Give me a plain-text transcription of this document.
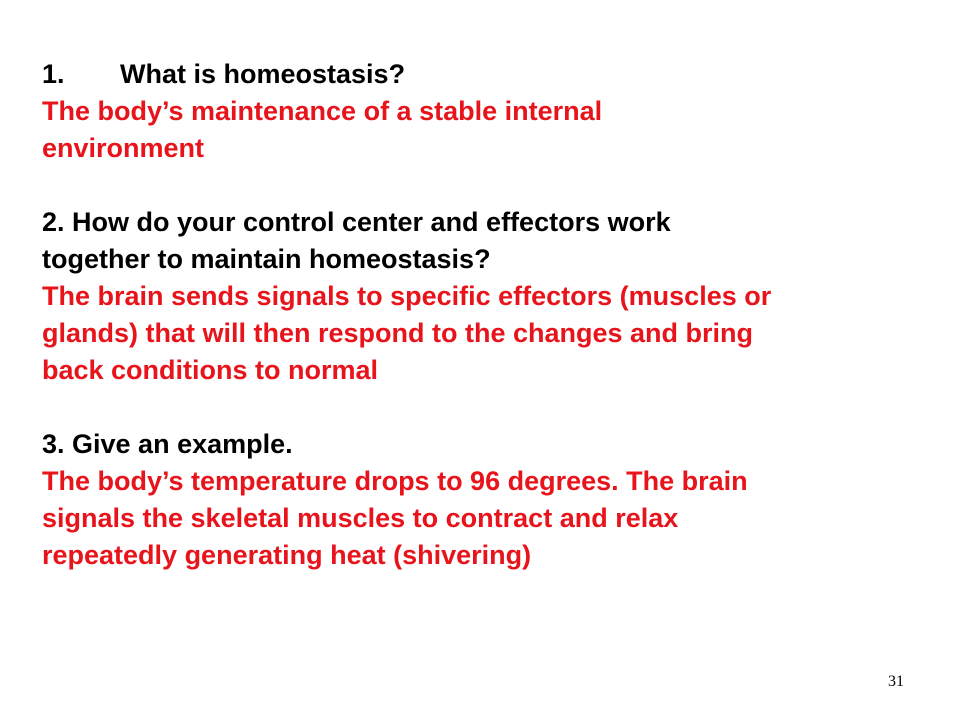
1.	What is homeostasis?
The body’s maintenance of a stable internal
environment
2. How do your control center and effectors work
together to maintain homeostasis?
The brain sends signals to specific effectors (muscles or
glands) that will then respond to the changes and bring
back conditions to normal
3. Give an example.
The body’s temperature drops to 96 degrees. The brain
signals the skeletal muscles to contract and relax
repeatedly generating heat (shivering)
31
